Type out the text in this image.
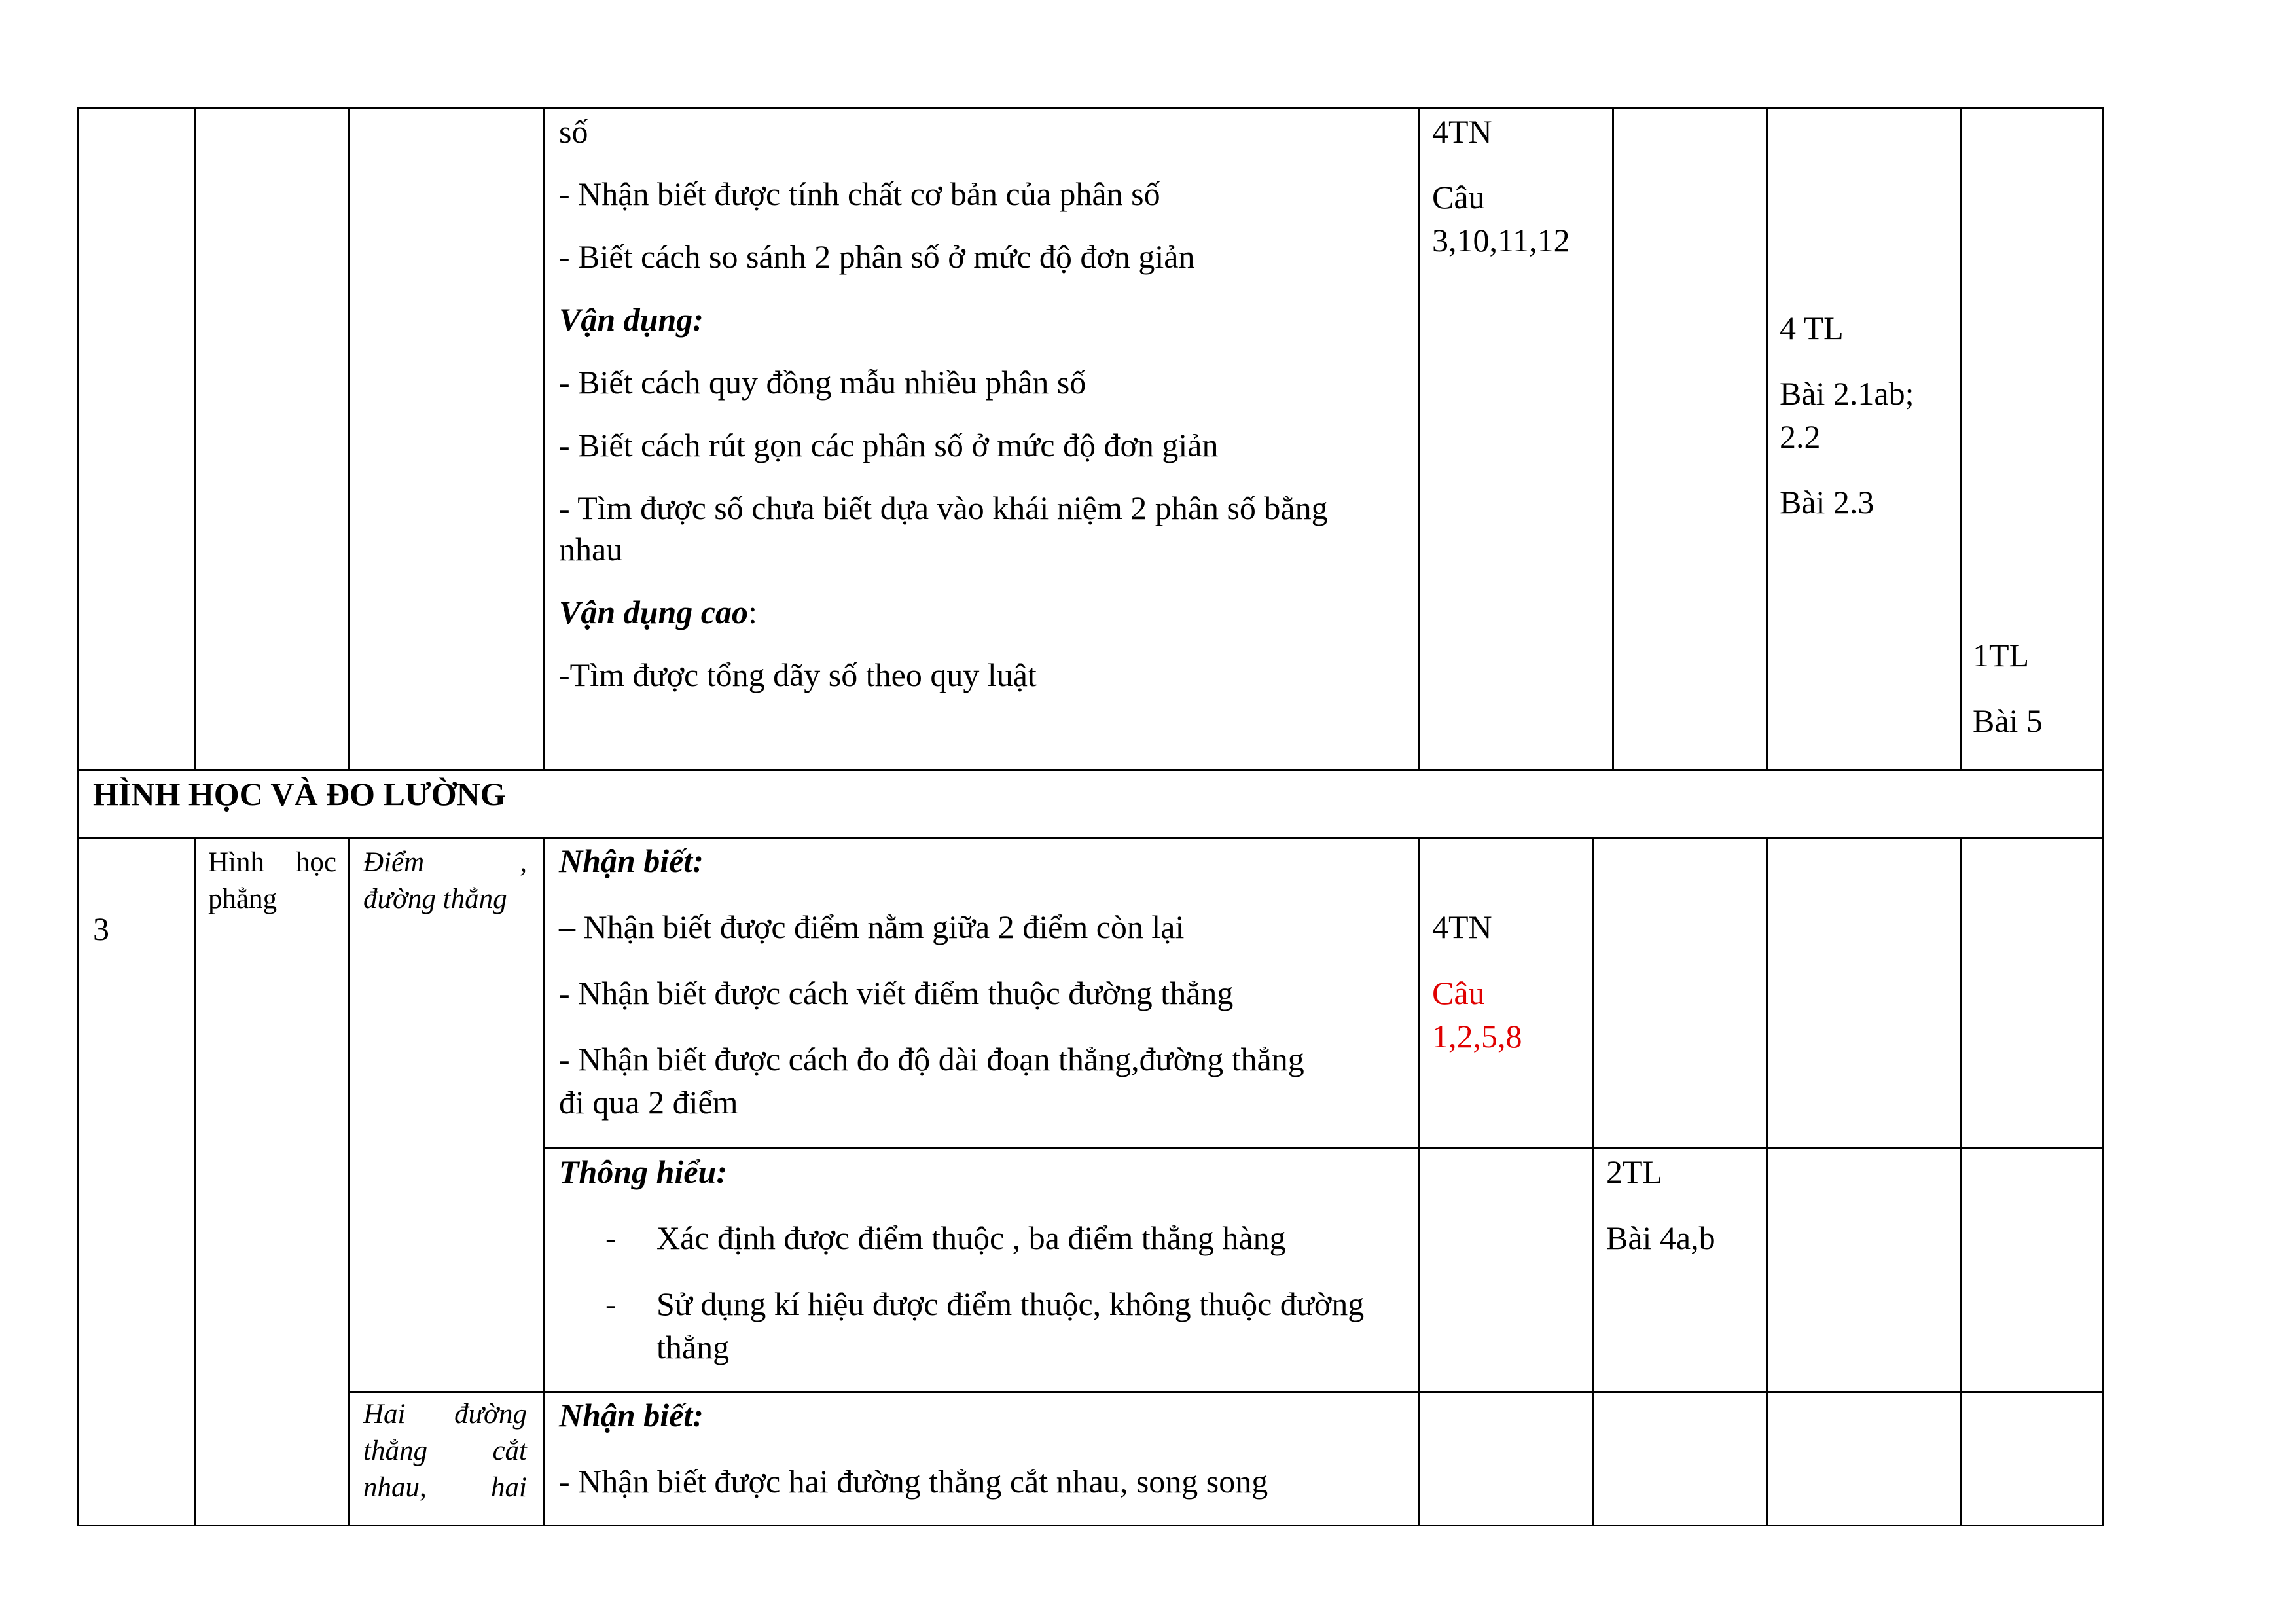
số
- Nhận biết được tính chất cơ bản của phân số
- Biết cách so sánh 2 phân số ở mức độ đơn giản
Vận dụng:
- Biết cách quy đồng mẫu nhiều phân số
- Biết cách rút gọn các phân số ở mức độ đơn giản
- Tìm được số chưa biết dựa vào khái niệm 2 phân số bằng
nhau
Vận dụng cao:
-Tìm được tổng dãy số theo quy luật
4TN
Câu
3,10,11,12
4 TL
Bài 2.1ab;
2.2
Bài 2.3
1TL
Bài 5
HÌNH HỌC VÀ ĐO LƯỜNG
3
Hình học
phẳng
Điểm	,
đường thẳng
Nhận biết:
– Nhận biết được điểm nằm giữa 2 điểm còn lại
- Nhận biết được cách viết điểm thuộc đường thẳng
- Nhận biết được cách đo độ dài đoạn thẳng,đường thẳng
đi qua 2 điểm
4TN
Câu
1,2,5,8
Thông hiểu:
- Xác định được điểm thuộc , ba điểm thẳng hàng
- Sử dụng kí hiệu được điểm thuộc, không thuộc đường
thẳng
2TL
Bài 4a,b
Hai đường
thẳng cắt
nhau, hai
Nhận biết:
- Nhận biết được hai đường thẳng cắt nhau, song song
